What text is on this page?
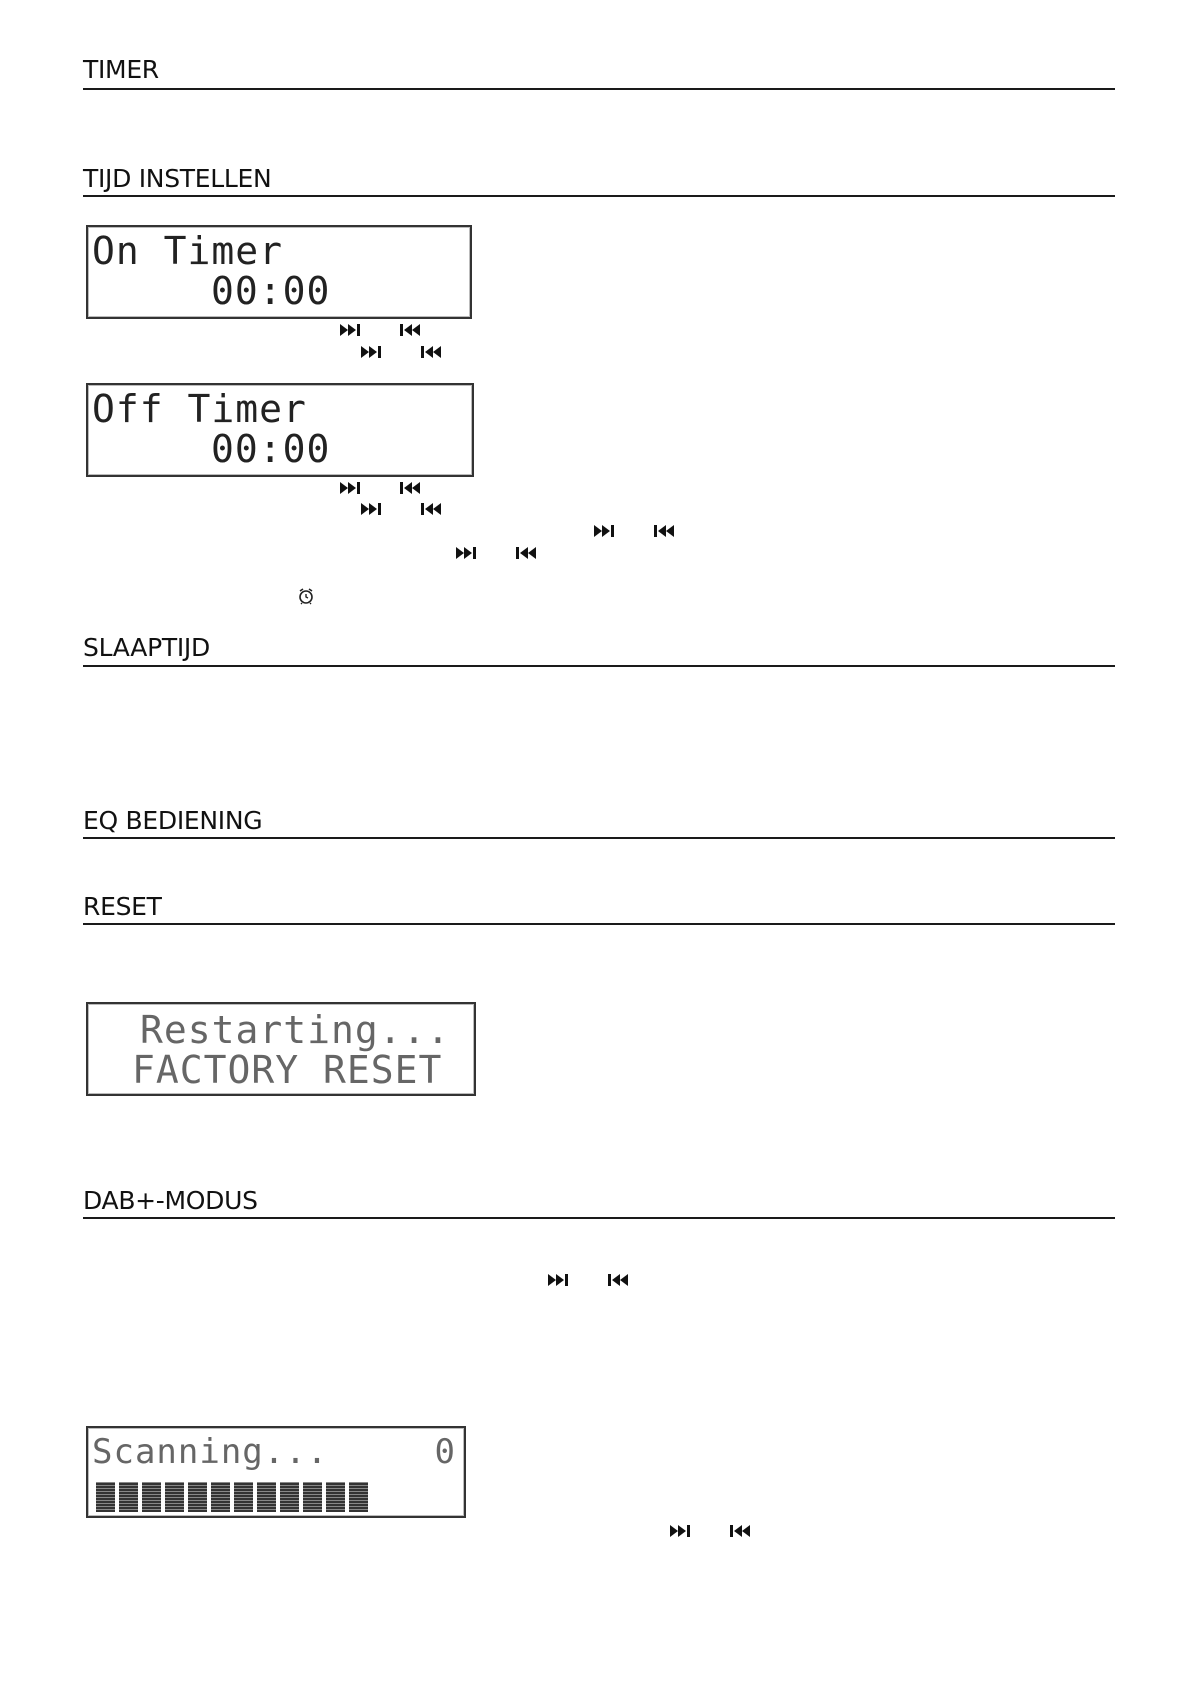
TIMER
TIJD INSTELLEN
On Timer
00:00
Off Timer
00:00
SLAAPTIJD
EQ BEDIENING
RESET
Restarting...
FACTORY RESET
DAB+-MODUS
Scanning...	0
